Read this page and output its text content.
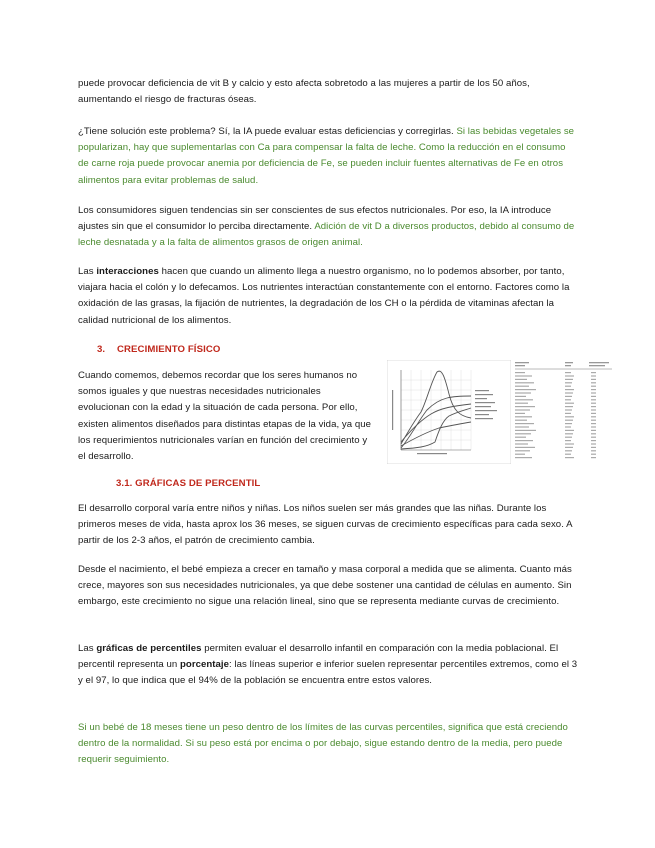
puede provocar deficiencia de vit B y calcio y esto afecta sobretodo a las mujeres a partir de los 50 años, aumentando el riesgo de fracturas óseas.

¿Tiene solución este problema? Sí, la IA puede evaluar estas deficiencias y corregirlas. Si las bebidas vegetales se popularizan, hay que suplementarlas con Ca para compensar la falta de leche. Como la reducción en el consumo de carne roja puede provocar anemia por deficiencia de Fe, se pueden incluir fuentes alternativas de Fe en otros alimentos para evitar problemas de salud.

Los consumidores siguen tendencias sin ser conscientes de sus efectos nutricionales. Por eso, la IA introduce ajustes sin que el consumidor lo perciba directamente. Adición de vit D a diversos productos, debido al consumo de leche desnatada y a la falta de alimentos grasos de origen animal.

Las interacciones hacen que cuando un alimento llega a nuestro organismo, no lo podemos absorber, por tanto, viajara hacia el colón y lo defecamos. Los nutrientes interactúan constantemente con el entorno. Factores como la oxidación de las grasas, la fijación de nutrientes, la degradación de los CH o la pérdida de vitaminas afectan la calidad nutricional de los alimentos.

3. CRECIMIENTO FÍSICO

Cuando comemos, debemos recordar que los seres humanos no somos iguales y que nuestras necesidades nutricionales evolucionan con la edad y la situación de cada persona. Por ello, existen alimentos diseñados para distintas etapas de la vida, ya que los requerimientos nutricionales varían en función del crecimiento y el desarrollo.

3.1. GRÁFICAS DE PERCENTIL

El desarrollo corporal varía entre niños y niñas. Los niños suelen ser más grandes que las niñas. Durante los primeros meses de vida, hasta aprox los 36 meses, se siguen curvas de crecimiento específicas para cada sexo. A partir de los 2-3 años, el patrón de crecimiento cambia.

Desde el nacimiento, el bebé empieza a crecer en tamaño y masa corporal a medida que se alimenta. Cuanto más crece, mayores son sus necesidades nutricionales, ya que debe sostener una cantidad de células en aumento. Sin embargo, este crecimiento no sigue una relación lineal, sino que se representa mediante curvas de crecimiento.

Las gráficas de percentiles permiten evaluar el desarrollo infantil en comparación con la media poblacional. El percentil representa un porcentaje: las líneas superior e inferior suelen representar percentiles extremos, como el 3 y el 97, lo que indica que el 94% de la población se encuentra entre estos valores.

Si un bebé de 18 meses tiene un peso dentro de los límites de las curvas percentiles, significa que está creciendo dentro de la normalidad. Si su peso está por encima o por debajo, sigue estando dentro de la media, pero puede requerir seguimiento.
